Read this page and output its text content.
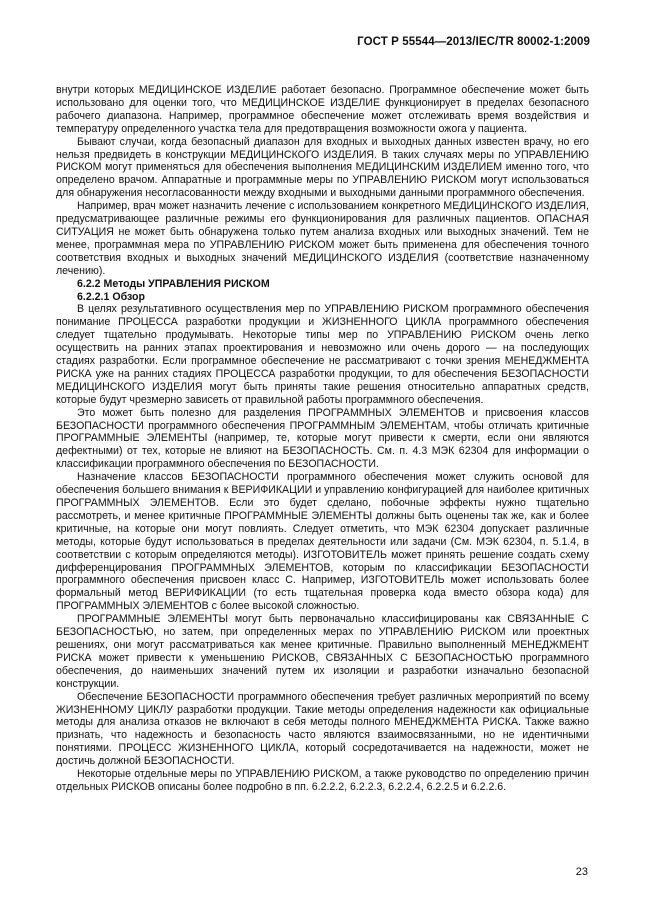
ГОСТ Р 55544—2013/IEC/TR 80002-1:2009

внутри которых МЕДИЦИНСКОЕ ИЗДЕЛИЕ работает безопасно. Программное обеспечение может быть использовано для оценки того, что МЕДИЦИНСКОЕ ИЗДЕЛИЕ функционирует в пределах безопасного рабочего диапазона. Например, программное обеспечение может отслеживать время воздействия и температуру определенного участка тела для предотвращения возможности ожога у пациента.

Бывают случаи, когда безопасный диапазон для входных и выходных данных известен врачу, но его нельзя предвидеть в конструкции МЕДИЦИНСКОГО ИЗДЕЛИЯ. В таких случаях меры по УПРАВЛЕНИЮ РИСКОМ могут применяться для обеспечения выполнения МЕДИЦИНСКИМ ИЗДЕЛИЕМ именно того, что определено врачом. Аппаратные и программные меры по УПРАВЛЕНИЮ РИСКОМ могут использоваться для обнаружения несогласованности между входными и выходными данными программного обеспечения.

Например, врач может назначить лечение с использованием конкретного МЕДИЦИНСКОГО ИЗДЕЛИЯ, предусматривающее различные режимы его функционирования для различных пациентов. ОПАСНАЯ СИТУАЦИЯ не может быть обнаружена только путем анализа входных или выходных значений. Тем не менее, программная мера по УПРАВЛЕНИЮ РИСКОМ может быть применена для обеспечения точного соответствия входных и выходных значений МЕДИЦИНСКОГО ИЗДЕЛИЯ (соответствие назначенному лечению).

6.2.2 Методы УПРАВЛЕНИЯ РИСКОМ
6.2.2.1 Обзор

В целях результативного осуществления мер по УПРАВЛЕНИЮ РИСКОМ программного обеспечения понимание ПРОЦЕССА разработки продукции и ЖИЗНЕННОГО ЦИКЛА программного обеспечения следует тщательно продумывать. Некоторые типы мер по УПРАВЛЕНИЮ РИСКОМ очень легко осуществить на ранних этапах проектирования и невозможно или очень дорого — на последующих стадиях разработки. Если программное обеспечение не рассматривают с точки зрения МЕНЕДЖМЕНТА РИСКА уже на ранних стадиях ПРОЦЕССА разработки продукции, то для обеспечения БЕЗОПАСНОСТИ МЕДИЦИНСКОГО ИЗДЕЛИЯ могут быть приняты такие решения относительно аппаратных средств, которые будут чрезмерно зависеть от правильной работы программного обеспечения.

Это может быть полезно для разделения ПРОГРАММНЫХ ЭЛЕМЕНТОВ и присвоения классов БЕЗОПАСНОСТИ программного обеспечения ПРОГРАММНЫМ ЭЛЕМЕНТАМ, чтобы отличать критичные ПРОГРАММНЫЕ ЭЛЕМЕНТЫ (например, те, которые могут привести к смерти, если они являются дефектными) от тех, которые не влияют на БЕЗОПАСНОСТЬ. См. п. 4.3 МЭК 62304 для информации о классификации программного обеспечения по БЕЗОПАСНОСТИ.

Назначение классов БЕЗОПАСНОСТИ программного обеспечения может служить основой для обеспечения большего внимания к ВЕРИФИКАЦИИ и управлению конфигурацией для наиболее критичных ПРОГРАММНЫХ ЭЛЕМЕНТОВ. Если это будет сделано, побочные эффекты нужно тщательно рассмотреть, и менее критичные ПРОГРАММНЫЕ ЭЛЕМЕНТЫ должны быть оценены так же, как и более критичные, на которые они могут повлиять. Следует отметить, что МЭК 62304 допускает различные методы, которые будут использоваться в пределах деятельности или задачи (См. МЭК 62304, п. 5.1.4, в соответствии с которым определяются методы). ИЗГОТОВИТЕЛЬ может принять решение создать схему дифференцирования ПРОГРАММНЫХ ЭЛЕМЕНТОВ, которым по классификации БЕЗОПАСНОСТИ программного обеспечения присвоен класс С. Например, ИЗГОТОВИТЕЛЬ может использовать более формальный метод ВЕРИФИКАЦИИ (то есть тщательная проверка кода вместо обзора кода) для ПРОГРАММНЫХ ЭЛЕМЕНТОВ с более высокой сложностью.

ПРОГРАММНЫЕ ЭЛЕМЕНТЫ могут быть первоначально классифицированы как СВЯЗАННЫЕ С БЕЗОПАСНОСТЬЮ, но затем, при определенных мерах по УПРАВЛЕНИЮ РИСКОМ или проектных решениях, они могут рассматриваться как менее критичные. Правильно выполненный МЕНЕДЖМЕНТ РИСКА может привести к уменьшению РИСКОВ, СВЯЗАННЫХ С БЕЗОПАСНОСТЬЮ программного обеспечения, до наименьших значений путем их изоляции и разработки изначально безопасной конструкции.

Обеспечение БЕЗОПАСНОСТИ программного обеспечения требует различных мероприятий по всему ЖИЗНЕННОМУ ЦИКЛУ разработки продукции. Такие методы определения надежности как официальные методы для анализа отказов не включают в себя методы полного МЕНЕДЖМЕНТА РИСКА. Также важно признать, что надежность и безопасность часто являются взаимосвязанными, но не идентичными понятиями. ПРОЦЕСС ЖИЗНЕННОГО ЦИКЛА, который сосредотачивается на надежности, может не достичь должной БЕЗОПАСНОСТИ.

Некоторые отдельные меры по УПРАВЛЕНИЮ РИСКОМ, а также руководство по определению причин отдельных РИСКОВ описаны более подробно в пп. 6.2.2.2, 6.2.2.3, 6.2.2.4, 6.2.2.5 и 6.2.2.6.

23
